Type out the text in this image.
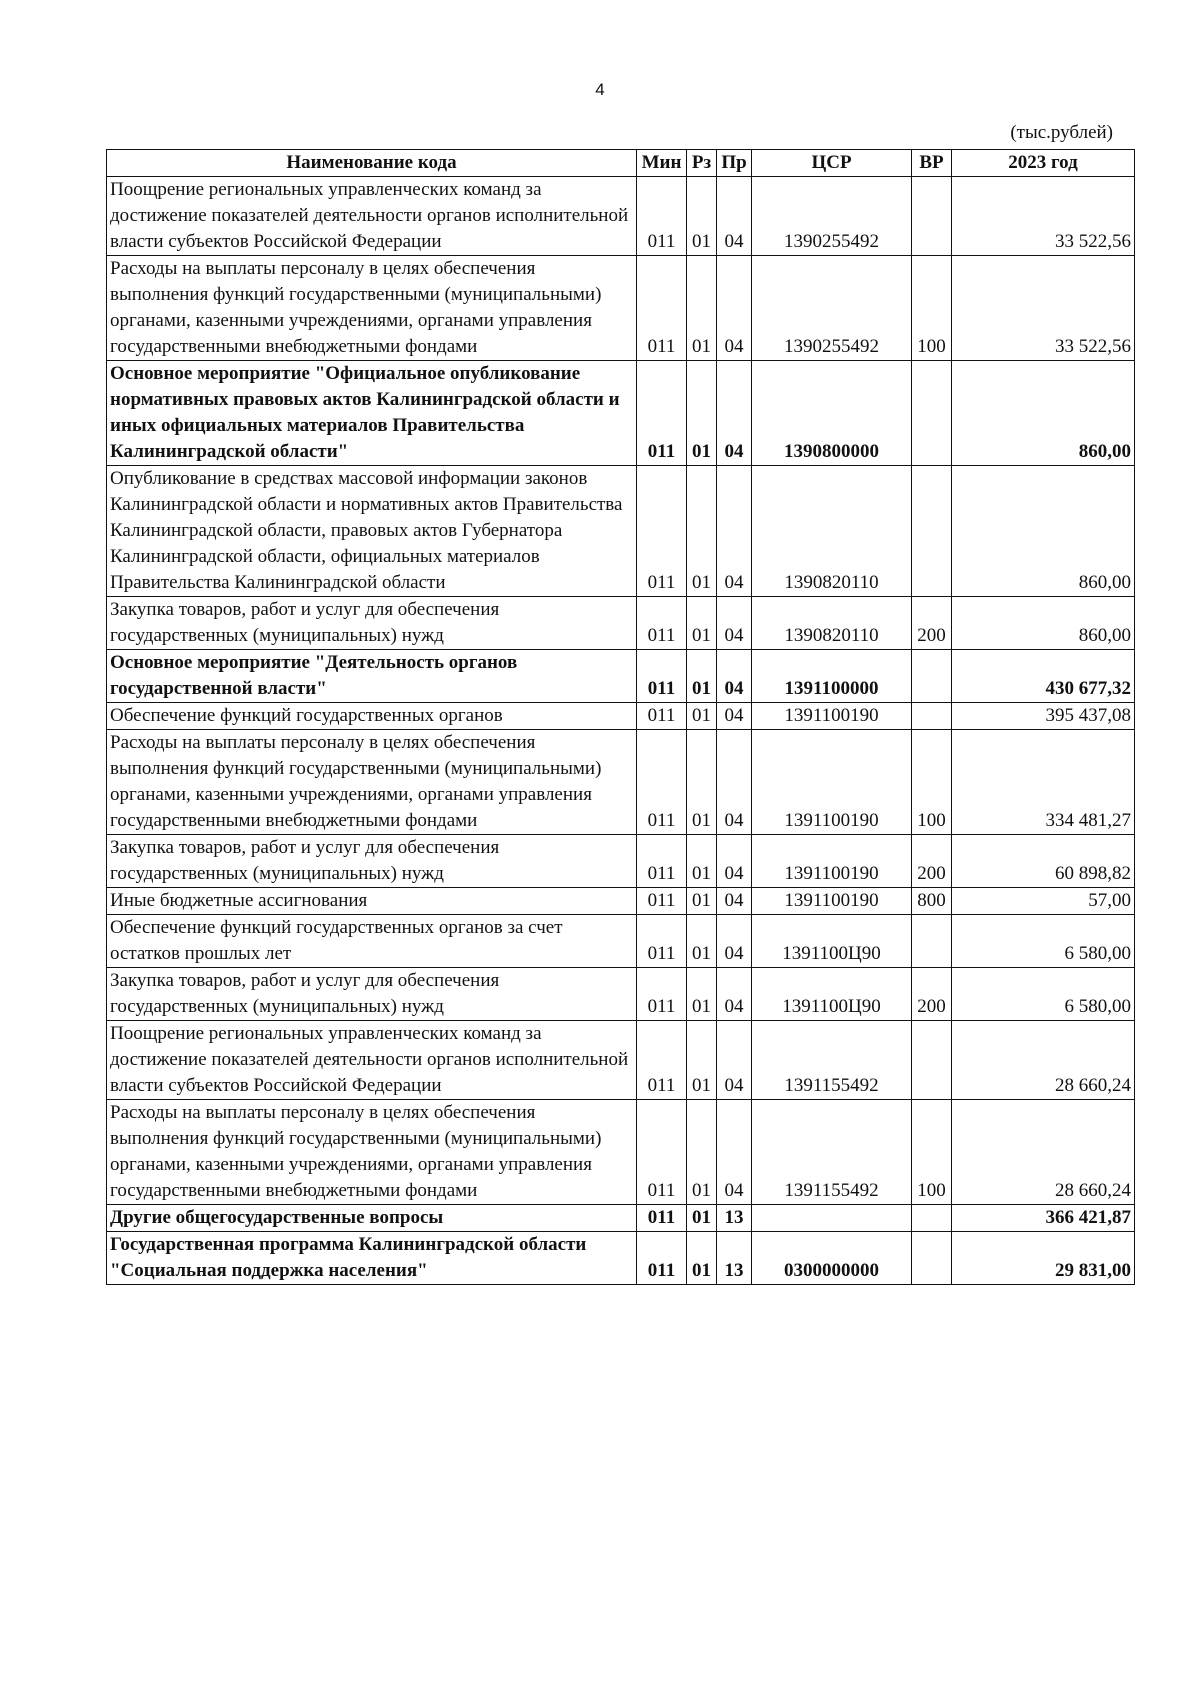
4
(тыс.рублей)
Наименование кода	Мин	Рз	Пр	ЦСР	ВР	2023 год
Поощрение региональных управленческих команд за достижение показателей деятельности органов исполнительной власти субъектов Российской Федерации	011	01	04	1390255492		33 522,56
Расходы на выплаты персоналу в целях обеспечения выполнения функций государственными (муниципальными) органами, казенными учреждениями, органами управления государственными внебюджетными фондами	011	01	04	1390255492	100	33 522,56
Основное мероприятие "Официальное опубликование нормативных правовых актов Калининградской области и иных официальных материалов Правительства Калининградской области"	011	01	04	1390800000		860,00
Опубликование в средствах массовой информации законов Калининградской области и нормативных актов Правительства Калининградской области, правовых актов Губернатора Калининградской области, официальных материалов Правительства Калининградской области	011	01	04	1390820110		860,00
Закупка товаров, работ и услуг для обеспечения государственных (муниципальных) нужд	011	01	04	1390820110	200	860,00
Основное мероприятие "Деятельность органов государственной власти"	011	01	04	1391100000		430 677,32
Обеспечение функций государственных органов	011	01	04	1391100190		395 437,08
Расходы на выплаты персоналу в целях обеспечения выполнения функций государственными (муниципальными) органами, казенными учреждениями, органами управления государственными внебюджетными фондами	011	01	04	1391100190	100	334 481,27
Закупка товаров, работ и услуг для обеспечения государственных (муниципальных) нужд	011	01	04	1391100190	200	60 898,82
Иные бюджетные ассигнования	011	01	04	1391100190	800	57,00
Обеспечение функций государственных органов за счет остатков прошлых лет	011	01	04	1391100Ц90		6 580,00
Закупка товаров, работ и услуг для обеспечения государственных (муниципальных) нужд	011	01	04	1391100Ц90	200	6 580,00
Поощрение региональных управленческих команд за достижение показателей деятельности органов исполнительной власти субъектов Российской Федерации	011	01	04	1391155492		28 660,24
Расходы на выплаты персоналу в целях обеспечения выполнения функций государственными (муниципальными) органами, казенными учреждениями, органами управления государственными внебюджетными фондами	011	01	04	1391155492	100	28 660,24
Другие общегосударственные вопросы	011	01	13			366 421,87
Государственная программа Калининградской области "Социальная поддержка населения"	011	01	13	0300000000		29 831,00
